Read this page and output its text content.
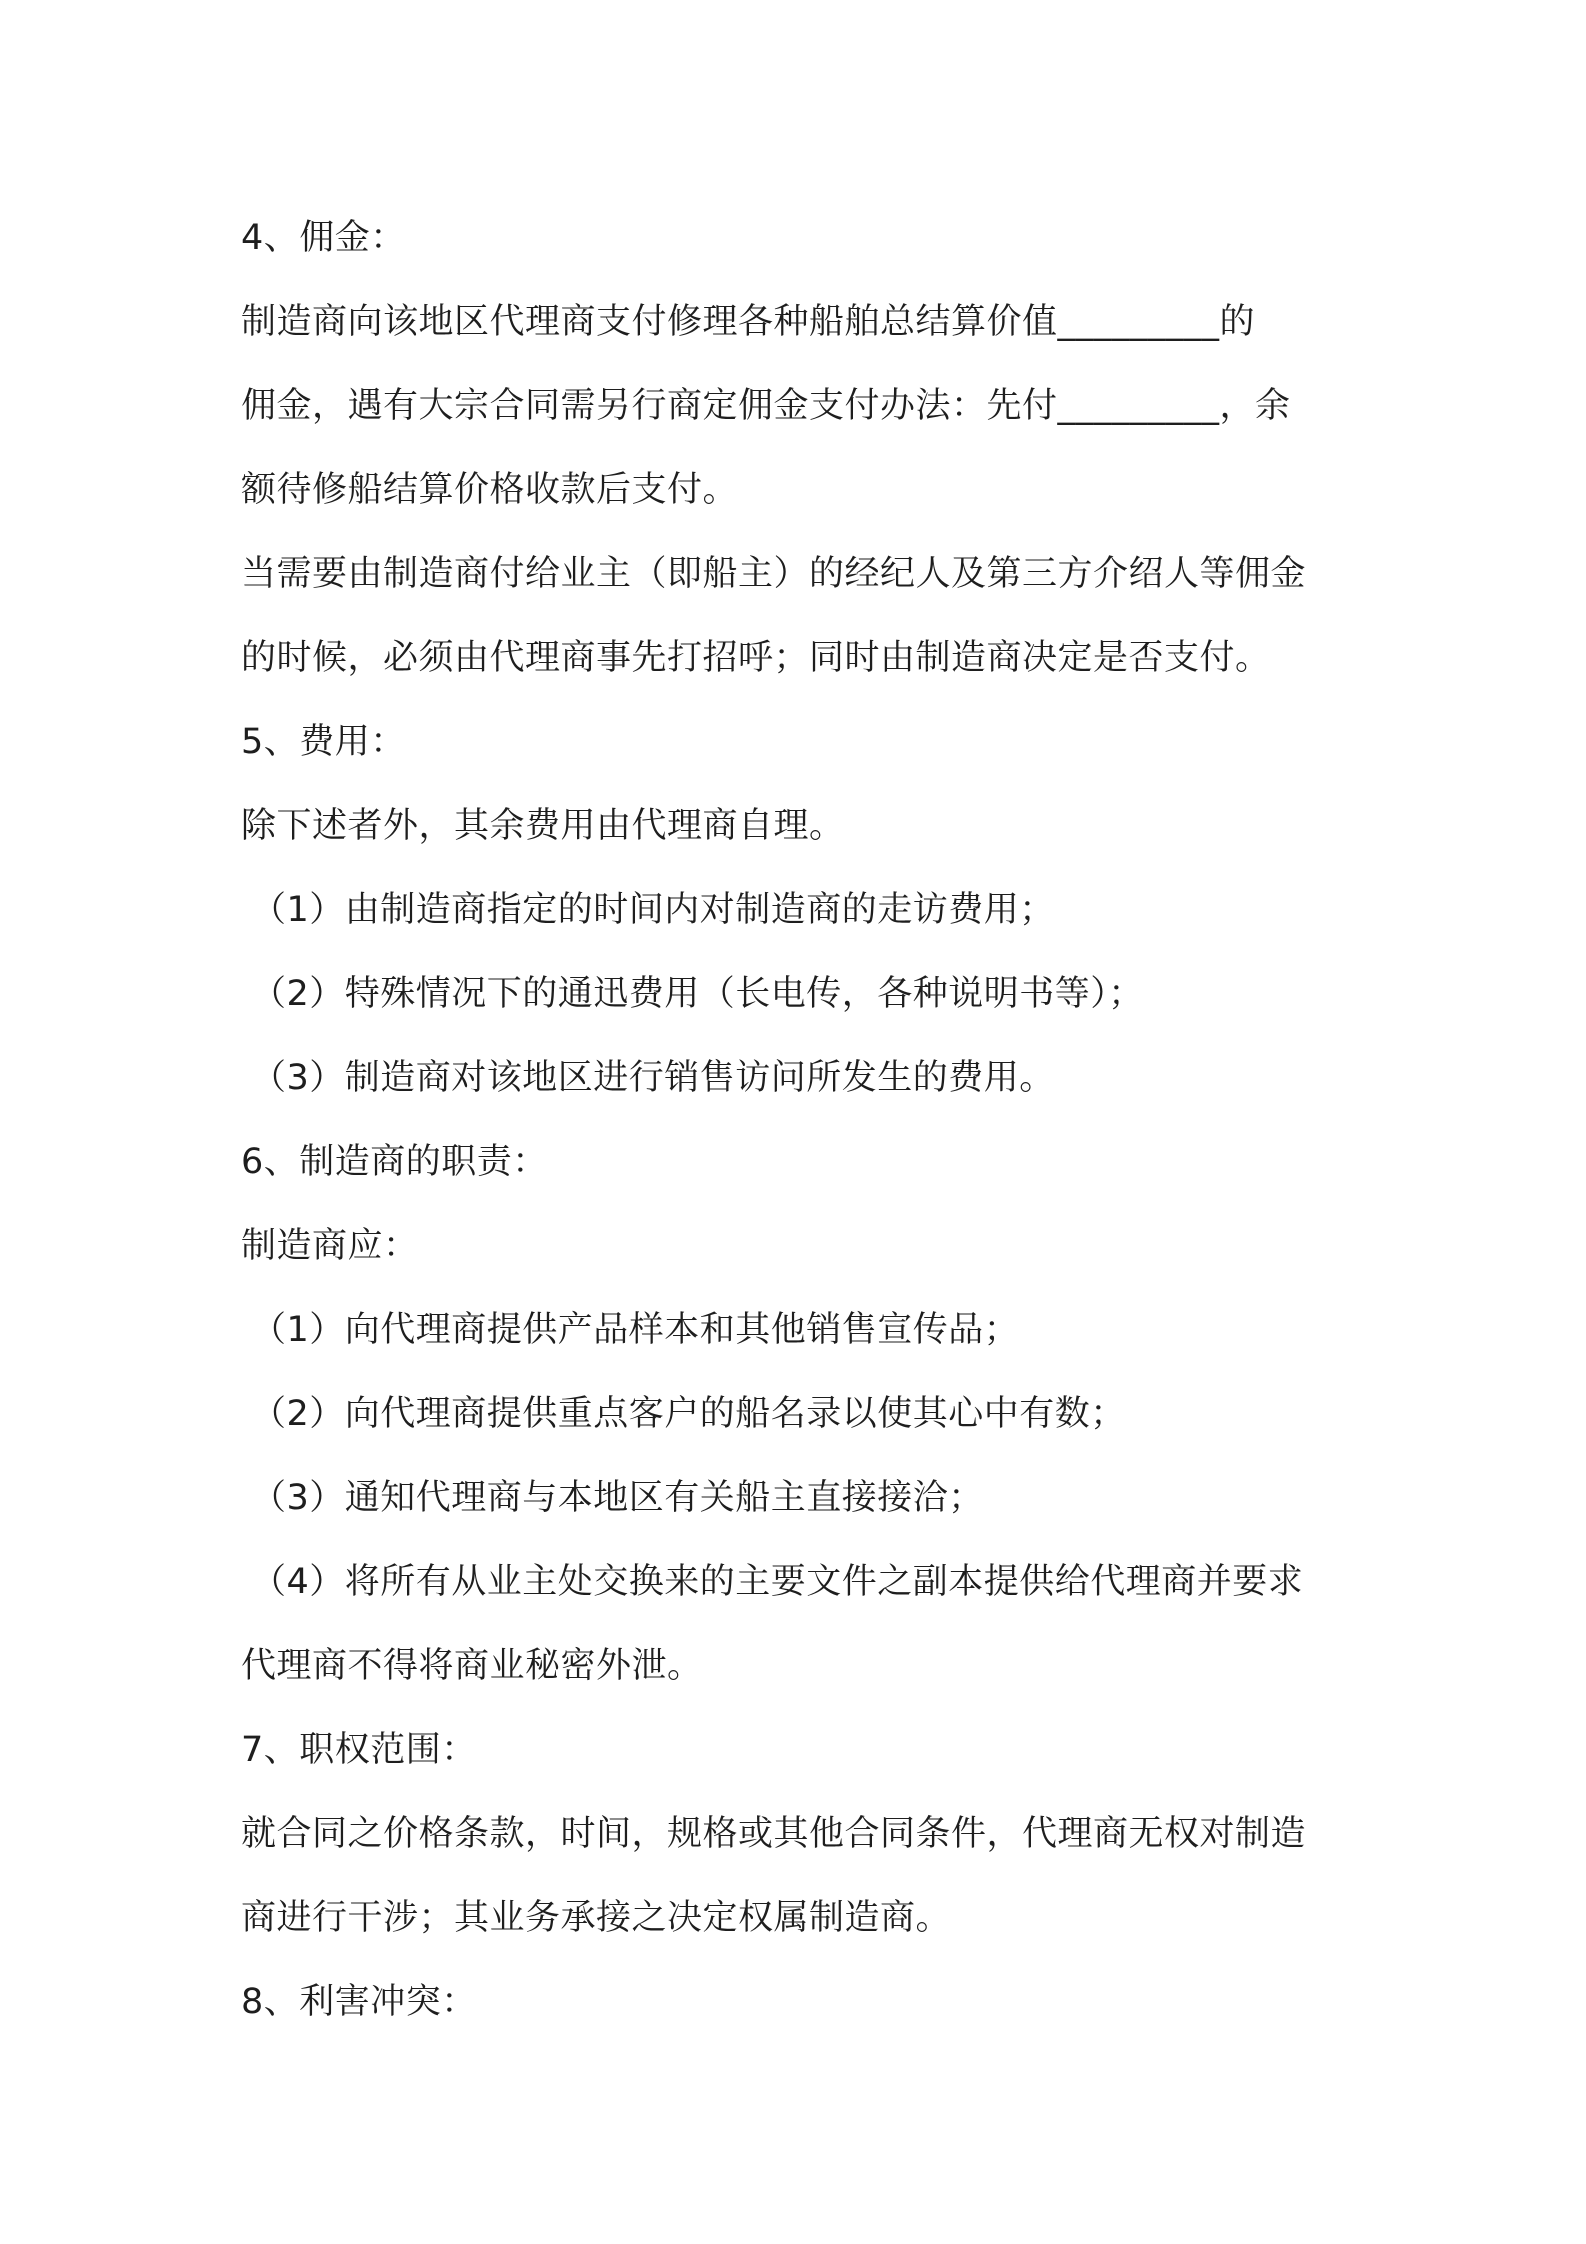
4、佣金：
制造商向该地区代理商支付修理各种船舶总结算价值_________的
佣金，遇有大宗合同需另行商定佣金支付办法：先付_________，余
额待修船结算价格收款后支付。
当需要由制造商付给业主（即船主）的经纪人及第三方介绍人等佣金
的时候，必须由代理商事先打招呼；同时由制造商决定是否支付。
5、费用：
除下述者外，其余费用由代理商自理。
（1）由制造商指定的时间内对制造商的走访费用；
（2）特殊情况下的通迅费用（长电传，各种说明书等）；
（3）制造商对该地区进行销售访问所发生的费用。
6、制造商的职责：
制造商应：
（1）向代理商提供产品样本和其他销售宣传品；
（2）向代理商提供重点客户的船名录以使其心中有数；
（3）通知代理商与本地区有关船主直接接洽；
（4）将所有从业主处交换来的主要文件之副本提供给代理商并要求
代理商不得将商业秘密外泄。
7、职权范围：
就合同之价格条款，时间，规格或其他合同条件，代理商无权对制造
商进行干涉；其业务承接之决定权属制造商。
8、利害冲突：
